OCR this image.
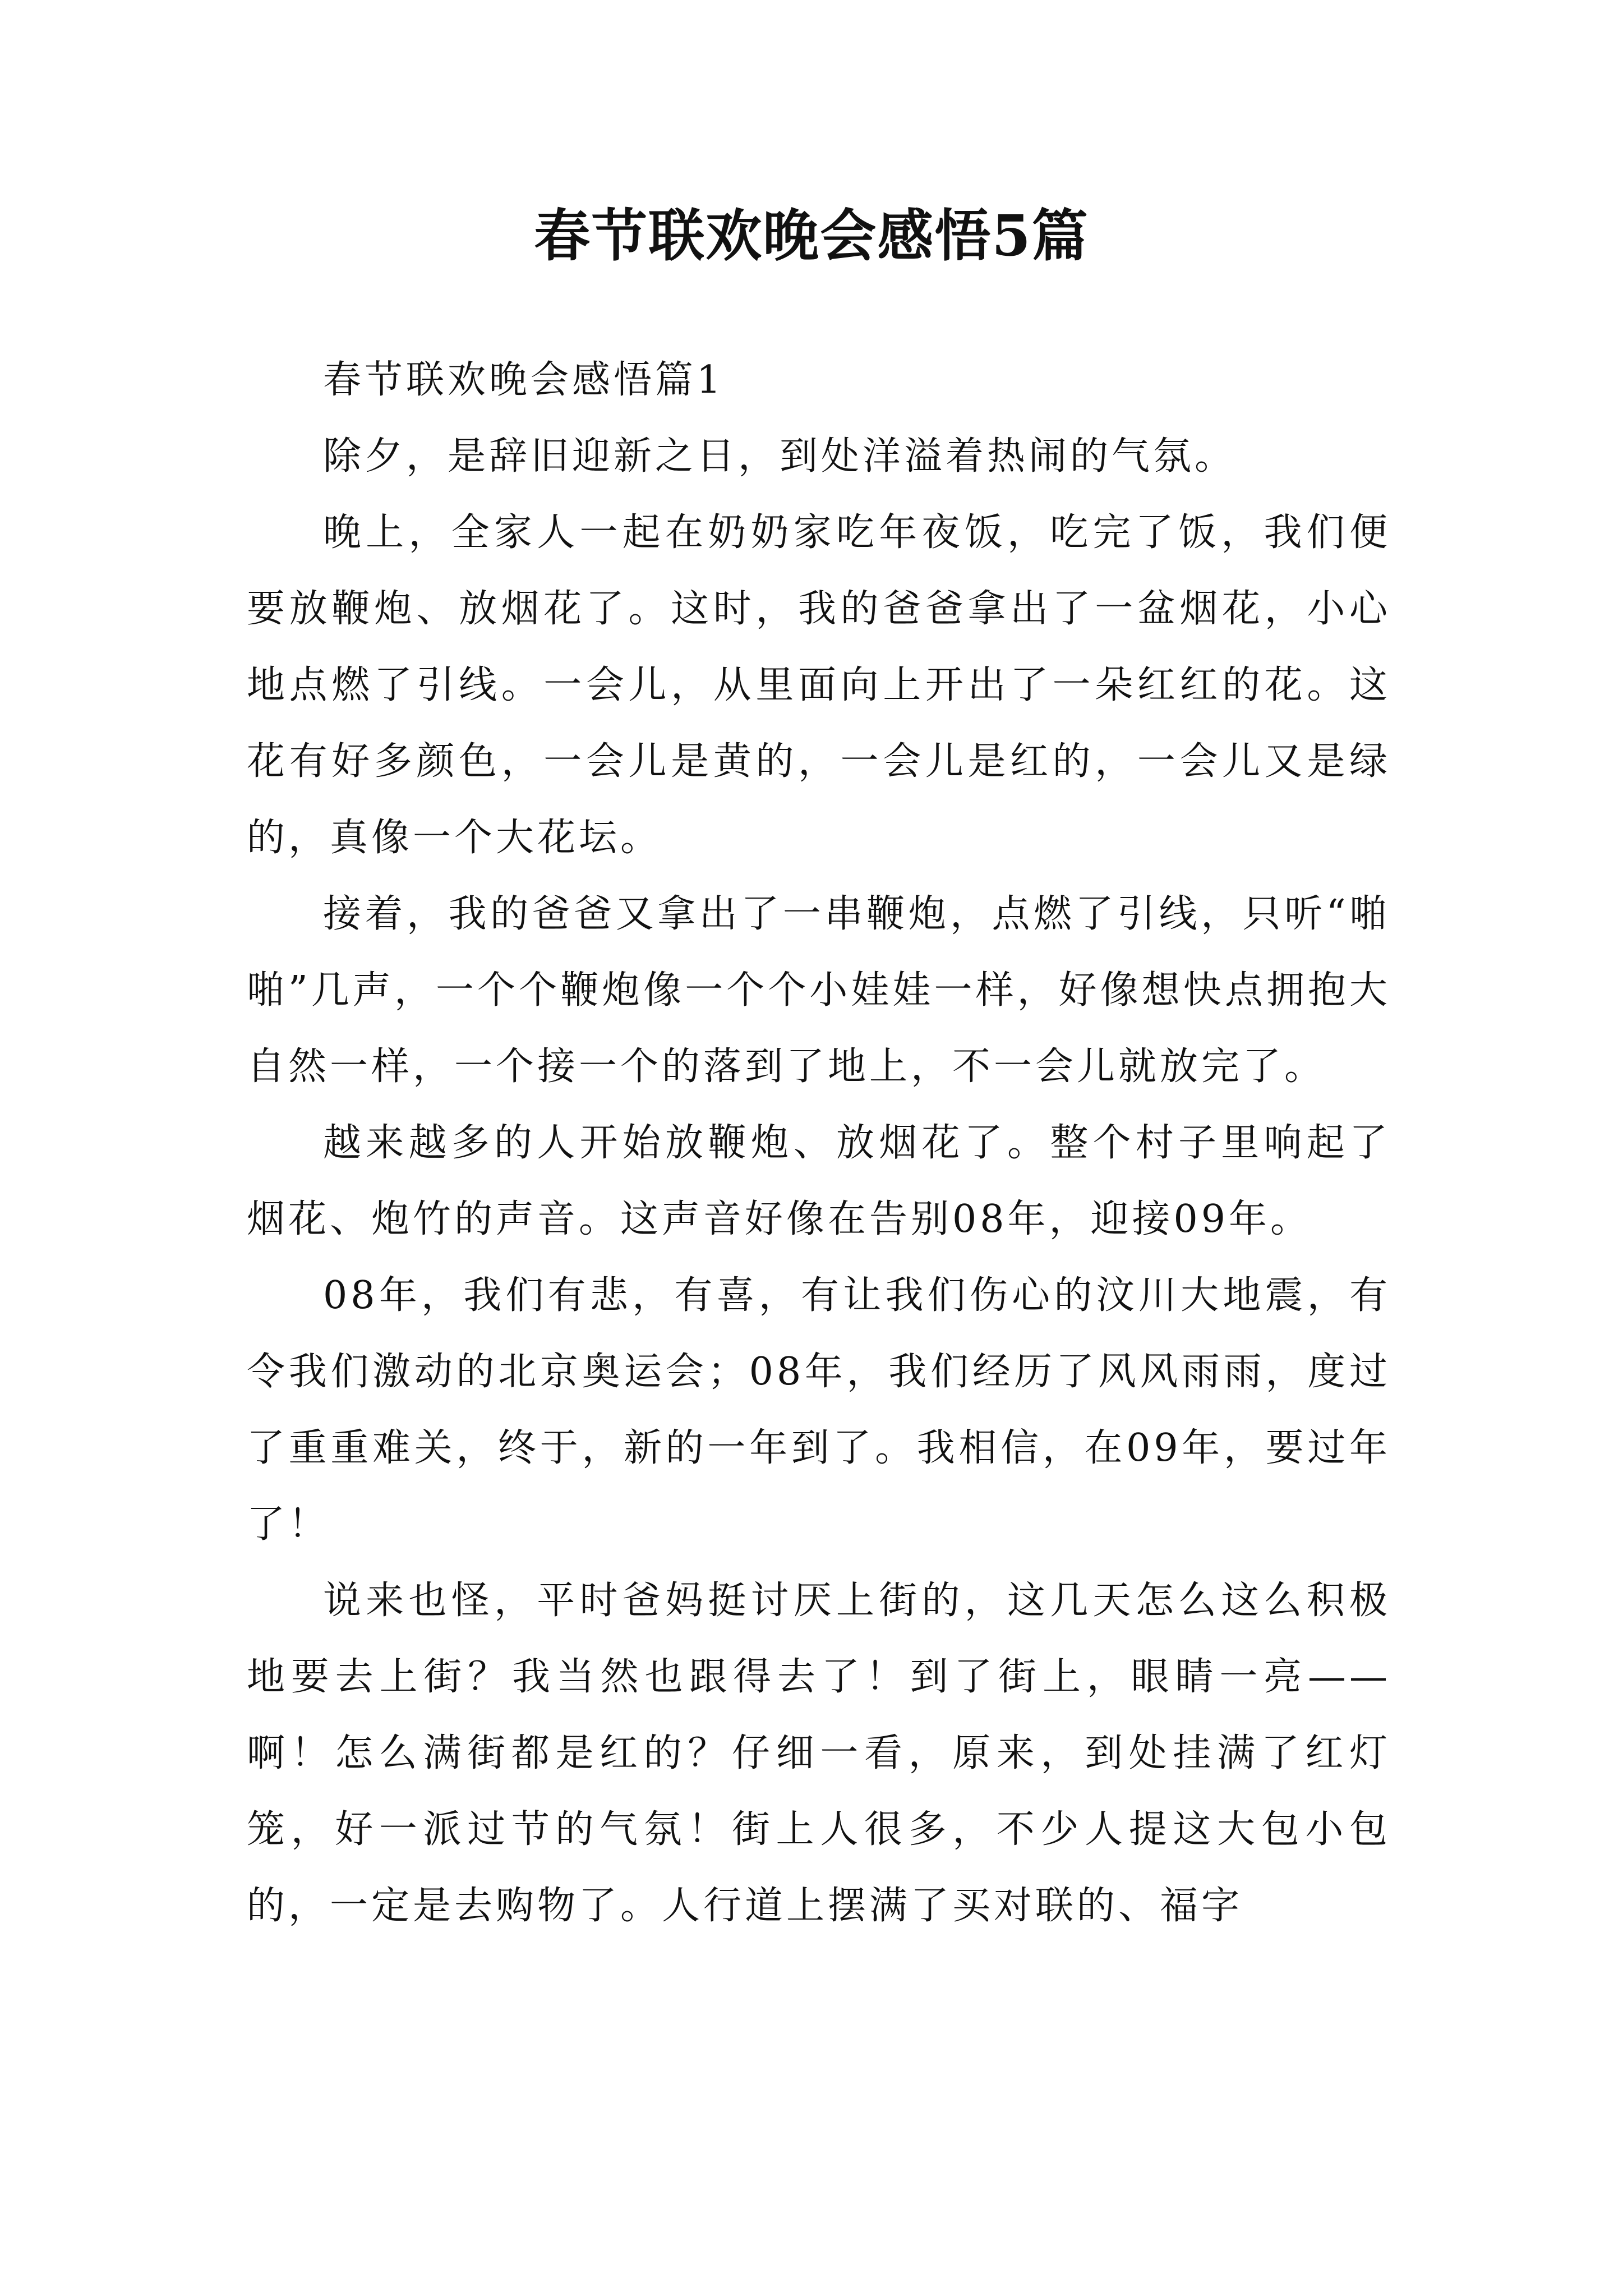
春节联欢晚会感悟5篇

春节联欢晚会感悟篇1

除夕，是辞旧迎新之日，到处洋溢着热闹的气氛。

晚上，全家人一起在奶奶家吃年夜饭，吃完了饭，我们便要放鞭炮、放烟花了。这时，我的爸爸拿出了一盆烟花，小心地点燃了引线。一会儿，从里面向上开出了一朵红红的花。这花有好多颜色，一会儿是黄的，一会儿是红的，一会儿又是绿的，真像一个大花坛。

接着，我的爸爸又拿出了一串鞭炮，点燃了引线，只听“啪啪”几声，一个个鞭炮像一个个小娃娃一样，好像想快点拥抱大自然一样，一个接一个的落到了地上，不一会儿就放完了。

越来越多的人开始放鞭炮、放烟花了。整个村子里响起了烟花、炮竹的声音。这声音好像在告别08年，迎接09年。

08年，我们有悲，有喜，有让我们伤心的汶川大地震，有令我们激动的北京奥运会；08年，我们经历了风风雨雨，度过了重重难关，终于，新的一年到了。我相信，在09年，要过年了！

说来也怪，平时爸妈挺讨厌上街的，这几天怎么这么积极地要去上街？我当然也跟得去了！到了街上，眼睛一亮——啊！怎么满街都是红的？仔细一看，原来，到处挂满了红灯笼，好一派过节的气氛！街上人很多，不少人提这大包小包的，一定是去购物了。人行道上摆满了买对联的、福字
